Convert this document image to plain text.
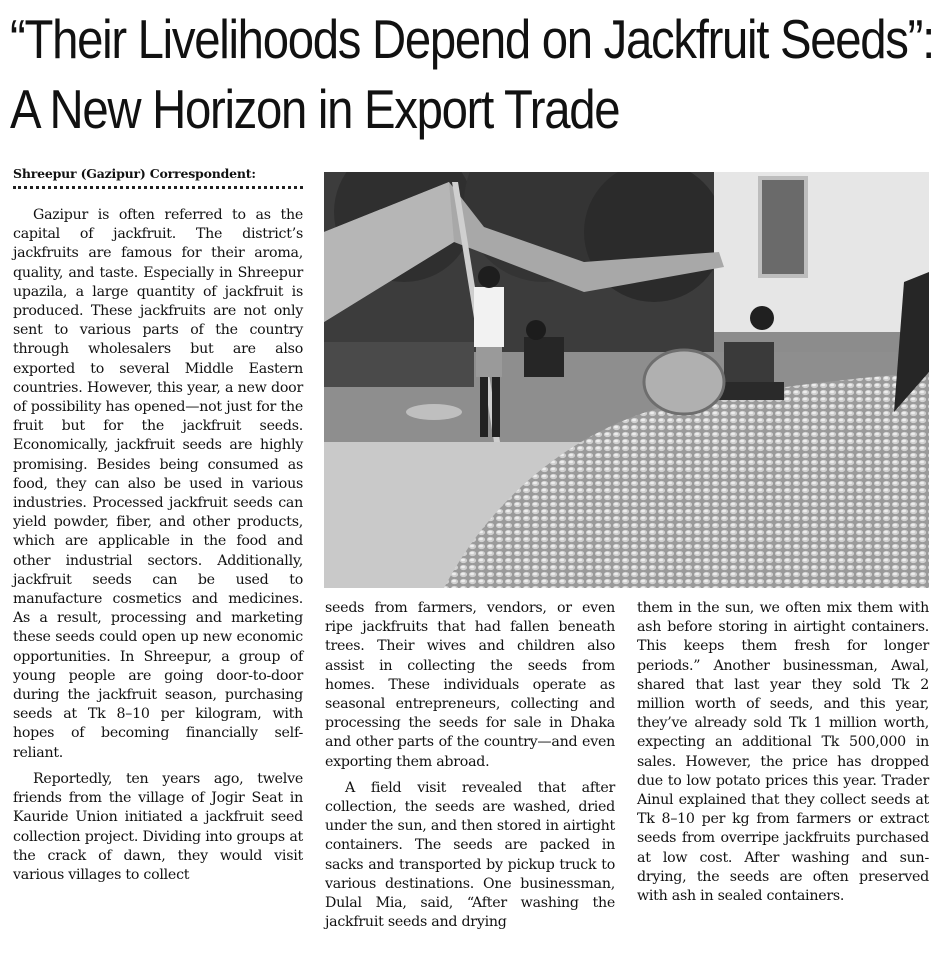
“Their Livelihoods Depend on Jackfruit Seeds”: A New Horizon in Export Trade
Shreepur (Gazipur) Correspondent:

Gazipur is often referred to as the capital of jackfruit. The district’s jackfruits are famous for their aroma, quality, and taste. Especially in Shreepur upazila, a large quantity of jackfruit is produced. These jackfruits are not only sent to various parts of the country through wholesalers but are also exported to several Middle Eastern countries. However, this year, a new door of possibility has opened—not just for the fruit but for the jackfruit seeds. Economically, jackfruit seeds are highly promising. Besides being consumed as food, they can also be used in various industries. Processed jackfruit seeds can yield powder, fiber, and other products, which are applicable in the food and other industrial sectors. Additionally, jackfruit seeds can be used to manufacture cosmetics and medicines. As a result, processing and marketing these seeds could open up new economic opportunities. In Shreepur, a group of young people are going door-to-door during the jackfruit season, purchasing seeds at Tk 8–10 per kilogram, with hopes of becoming financially self-reliant.

Reportedly, ten years ago, twelve friends from the village of Jogir Seat in Kauride Union initiated a jackfruit seed collection project. Dividing into groups at the crack of dawn, they would visit various villages to collect

seeds from farmers, vendors, or even ripe jackfruits that had fallen beneath trees. Their wives and children also assist in collecting the seeds from homes. These individuals operate as seasonal entrepreneurs, collecting and processing the seeds for sale in Dhaka and other parts of the country—and even exporting them abroad.

A field visit revealed that after collection, the seeds are washed, dried under the sun, and then stored in airtight containers. The seeds are packed in sacks and transported by pickup truck to various destinations. One businessman, Dulal Mia, said, “After washing the jackfruit seeds and drying

them in the sun, we often mix them with ash before storing in airtight containers. This keeps them fresh for longer periods.” Another businessman, Awal, shared that last year they sold Tk 2 million worth of seeds, and this year, they’ve already sold Tk 1 million worth, expecting an additional Tk 500,000 in sales. However, the price has dropped due to low potato prices this year. Trader Ainul explained that they collect seeds at Tk 8–10 per kg from farmers or extract seeds from overripe jackfruits purchased at low cost. After washing and sun-drying, the seeds are often preserved with ash in sealed containers.
